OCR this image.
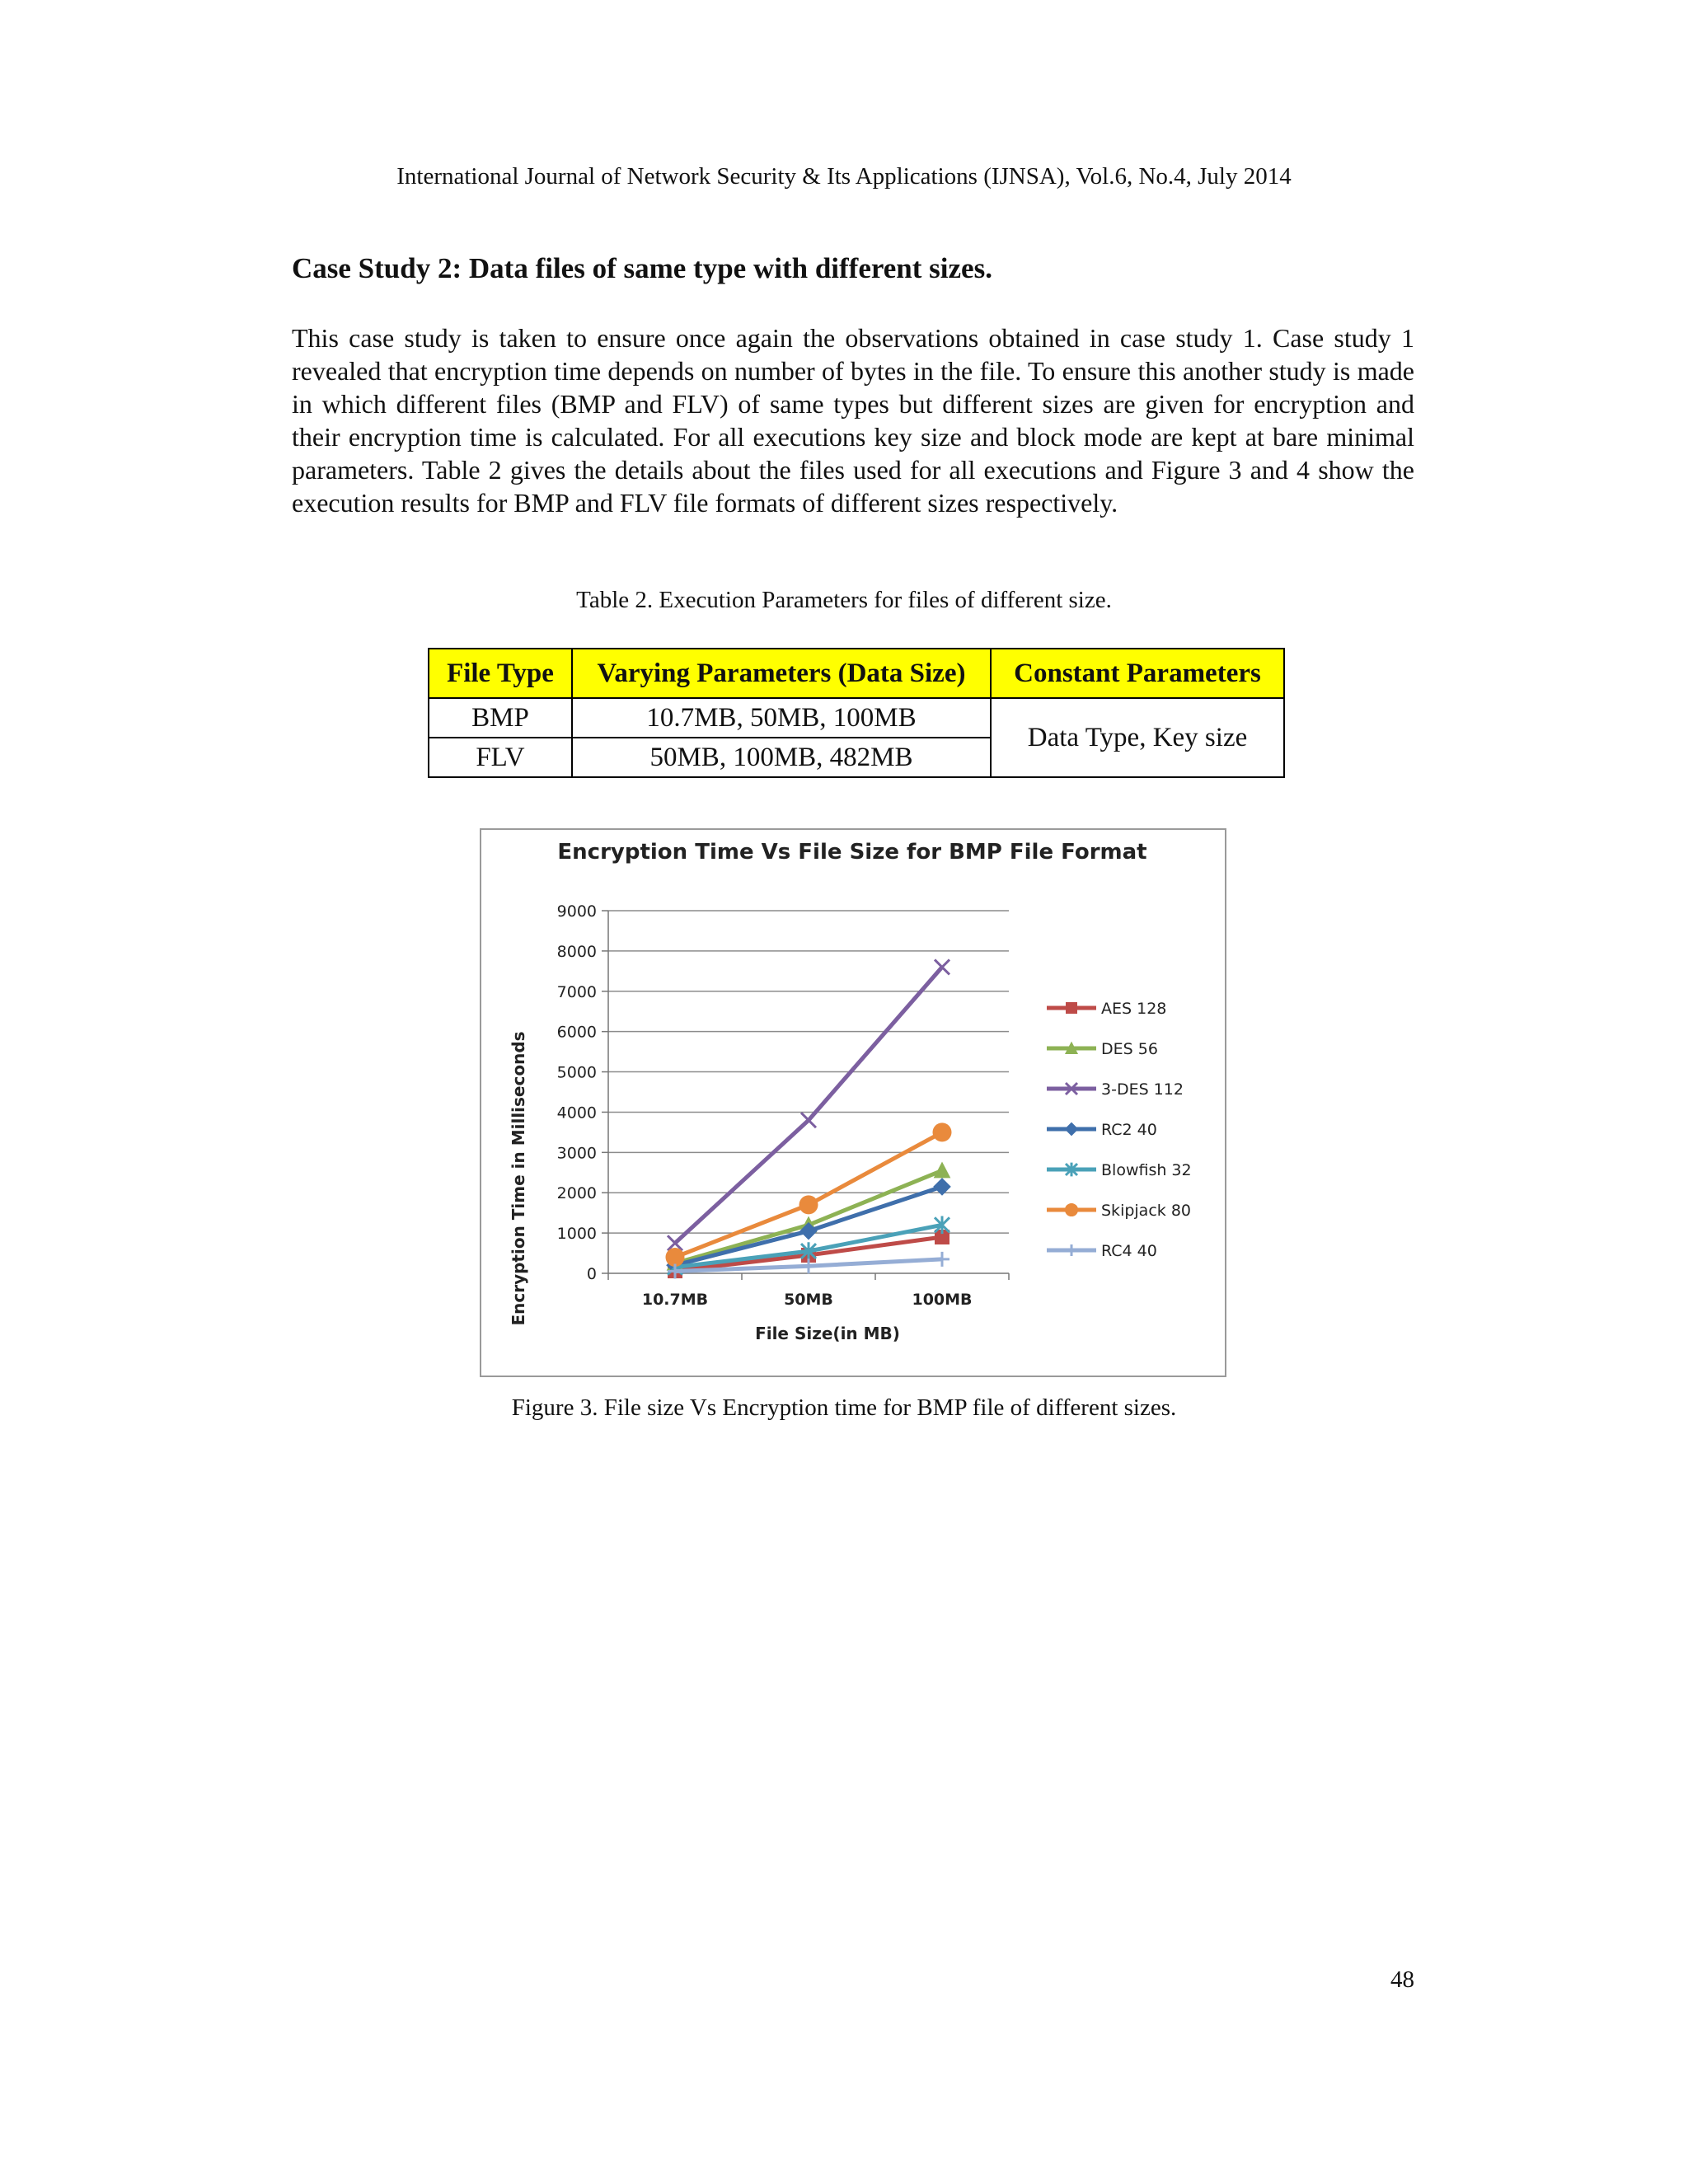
International Journal of Network Security & Its Applications (IJNSA), Vol.6, No.4, July 2014
Case Study 2: Data files of same type with different sizes.
This case study is taken to ensure once again the observations obtained in case study 1. Case study 1 revealed that encryption time depends on number of bytes in the file. To ensure this another study is made in which different files (BMP and FLV) of same types but different sizes are given for encryption and their encryption time is calculated. For all executions key size and block mode are kept at bare minimal parameters. Table 2 gives the details about the files used for all executions and Figure 3 and 4 show the execution results for BMP and FLV file formats of different sizes respectively.
Table 2. Execution Parameters for files of different size.
File Type	Varying Parameters (Data Size)	Constant Parameters
BMP	10.7MB, 50MB, 100MB	Data Type, Key size
FLV	50MB, 100MB, 482MB	
Encryption Time Vs File Size for BMP File Format
File Size(in MB)
Encryption Time in Milliseconds	0
1000
2000
3000
4000
5000
6000
7000
8000
9000
10.7MB	50MB	100MB
AES 128
DES 56
3-DES 112
RC2 40
Blowfish 32
Skipjack 80
RC4 40
Figure 3. File size Vs Encryption time for BMP file of different sizes.
48
